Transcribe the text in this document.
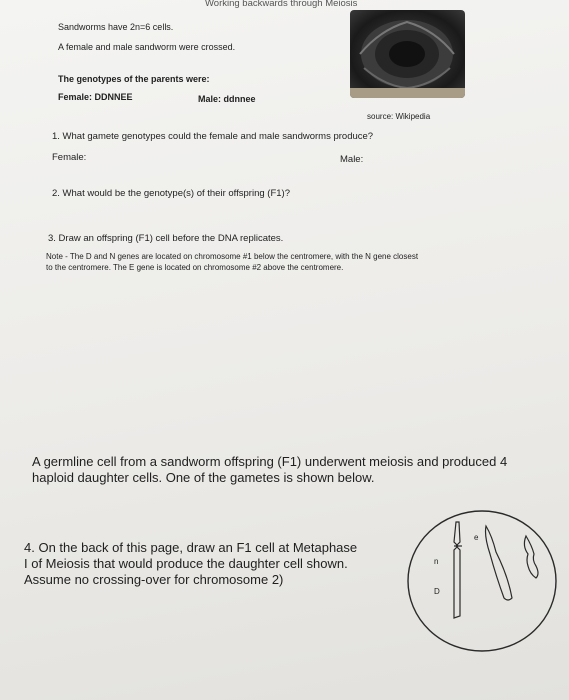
Working backwards through Meiosis
Sandworms have 2n=6 cells.
A female and male sandworm were crossed.
The genotypes of the parents were:
Female: DDNNEE	Male: ddnnee
source: Wikipedia
1. What gamete genotypes could the female and male sandworms produce?
Female:	Male:
2. What would be the genotype(s) of their offspring (F1)?
3. Draw an offspring (F1) cell before the DNA replicates.
Note - The D and N genes are located on chromosome #1 below the centromere, with the N gene closest
to the centromere. The E gene is located on chromosome #2 above the centromere.
A germline cell from a sandworm offspring (F1) underwent meiosis and produced 4 haploid daughter cells. One of the gametes is shown below.
4. On the back of this page, draw an F1 cell at Metaphase I of Meiosis that would produce the daughter cell shown. Assume no crossing-over for chromosome 2)
n
D
e
